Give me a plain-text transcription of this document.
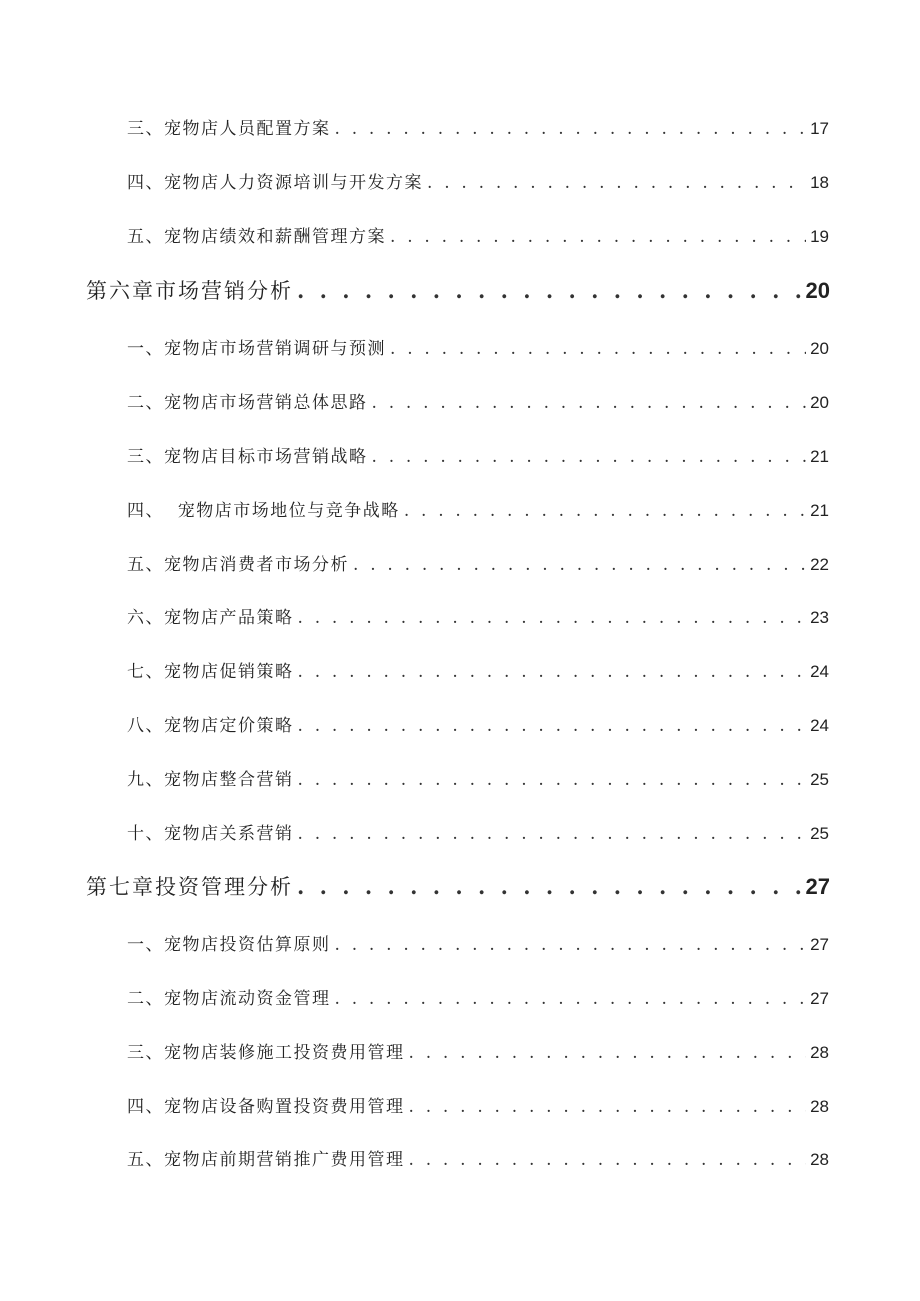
三、宠物店人员配置方案 . . .	17
四、宠物店人力资源培训与开发方案 . . .	18
五、宠物店绩效和薪酬管理方案 . . .	19
第六章市场营销分析 . . .	20
一、宠物店市场营销调研与预测 . . .	20
二、宠物店市场营销总体思路 . . .	20
三、宠物店目标市场营销战略 . . .	21
四、  宠物店市场地位与竞争战略 . . .	21
五、宠物店消费者市场分析 . . .	22
六、宠物店产品策略 . . .	23
七、宠物店促销策略 . . .	24
八、宠物店定价策略 . . .	24
九、宠物店整合营销 . . .	25
十、宠物店关系营销 . . .	25
第七章投资管理分析 . . .	27
一、宠物店投资估算原则 . . .	27
二、宠物店流动资金管理 . . .	27
三、宠物店装修施工投资费用管理 . . .	28
四、宠物店设备购置投资费用管理 . . .	28
五、宠物店前期营销推广费用管理 . . .	28
